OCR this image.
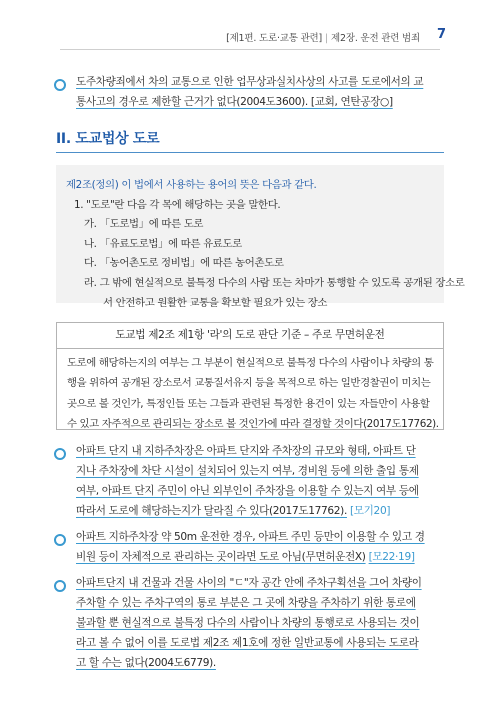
[제1편. 도로·교통 관련] | 제2장. 운전 관련 범죄	7
도주차량죄에서 차의 교통으로 인한 업무상과실치사상의 사고를 도로에서의 교
통사고의 경우로 제한할 근거가 없다(2004도3600). [교회, 연탄공장○]
II. 도교법상 도로
제2조(정의) 이 법에서 사용하는 용어의 뜻은 다음과 같다.
1. "도로"란 다음 각 목에 해당하는 곳을 말한다.
가. 「도로법」에 따른 도로
나. 「유료도로법」에 따른 유료도로
다. 「농어촌도로 정비법」에 따른 농어촌도로
라. 그 밖에 현실적으로 불특정 다수의 사람 또는 차마가 통행할 수 있도록 공개된 장소로
서 안전하고 원활한 교통을 확보할 필요가 있는 장소
도교법 제2조 제1항 '라'의 도로 판단 기준 – 주로 무면허운전
도로에 해당하는지의 여부는 그 부분이 현실적으로 불특정 다수의 사람이나 차량의 통
행을 위하여 공개된 장소로서 교통질서유지 등을 목적으로 하는 일반경찰권이 미치는
곳으로 볼 것인가, 특정인들 또는 그들과 관련된 특정한 용건이 있는 자들만이 사용할
수 있고 자주적으로 관리되는 장소로 볼 것인가에 따라 결정할 것이다(2017도17762).
아파트 단지 내 지하주차장은 아파트 단지와 주차장의 규모와 형태, 아파트 단
지나 주차장에 차단 시설이 설치되어 있는지 여부, 경비원 등에 의한 출입 통제
여부, 아파트 단지 주민이 아닌 외부인이 주차장을 이용할 수 있는지 여부 등에
따라서 도로에 해당하는지가 달라질 수 있다(2017도17762). [모기20]
아파트 지하주차장 약 50m 운전한 경우, 아파트 주민 등만이 이용할 수 있고 경
비원 등이 자체적으로 관리하는 곳이라면 도로 아님(무면허운전X) [모22·19]
아파트단지 내 건물과 건물 사이의 "ㄷ"자 공간 안에 주차구획선을 그어 차량이
주차할 수 있는 주차구역의 통로 부분은 그 곳에 차량을 주차하기 위한 통로에
불과할 뿐 현실적으로 불특정 다수의 사람이나 차량의 통행로로 사용되는 것이
라고 볼 수 없어 이를 도로법 제2조 제1호에 정한 일반교통에 사용되는 도로라
고 할 수는 없다(2004도6779).
